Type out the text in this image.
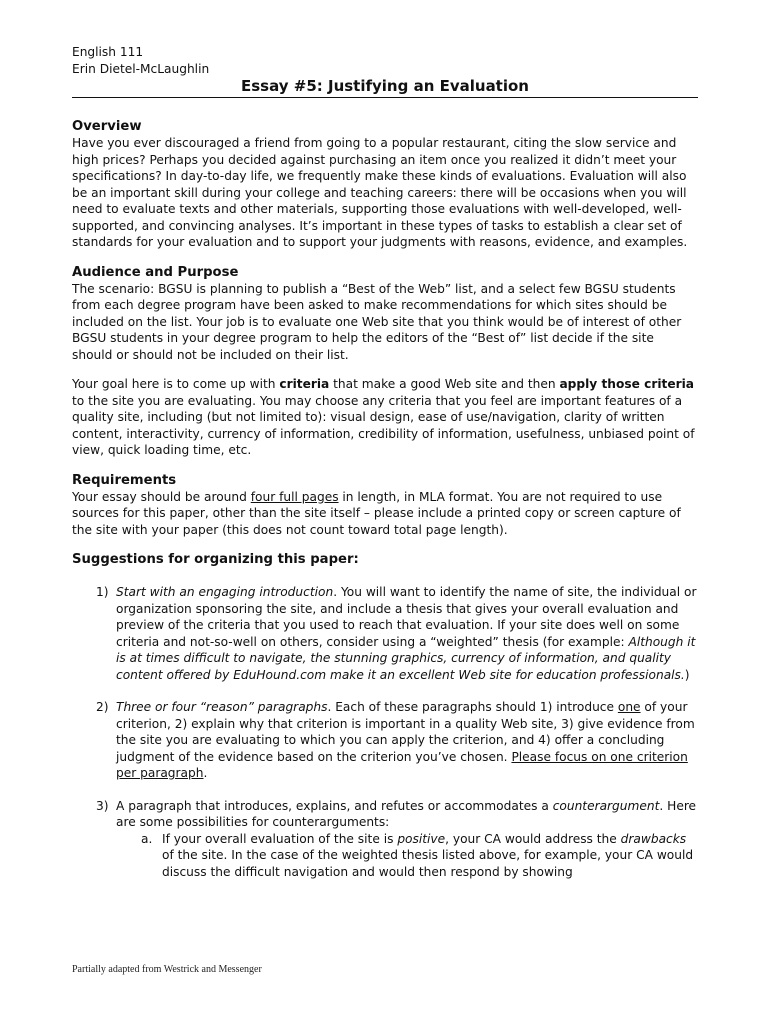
English 111
Erin Dietel-McLaughlin
Essay #5: Justifying an Evaluation
Overview

Have you ever discouraged a friend from going to a popular restaurant, citing the slow service and high prices? Perhaps you decided against purchasing an item once you realized it didn’t meet your specifications? In day-to-day life, we frequently make these kinds of evaluations. Evaluation will also be an important skill during your college and teaching careers: there will be occasions when you will need to evaluate texts and other materials, supporting those evaluations with well-developed, well-supported, and convincing analyses. It’s important in these types of tasks to establish a clear set of standards for your evaluation and to support your judgments with reasons, evidence, and examples.

Audience and Purpose

The scenario: BGSU is planning to publish a “Best of the Web” list, and a select few BGSU students from each degree program have been asked to make recommendations for which sites should be included on the list. Your job is to evaluate one Web site that you think would be of interest of other BGSU students in your degree program to help the editors of the “Best of” list decide if the site should or should not be included on their list.

Your goal here is to come up with criteria that make a good Web site and then apply those criteria to the site you are evaluating. You may choose any criteria that you feel are important features of a quality site, including (but not limited to): visual design, ease of use/navigation, clarity of written content, interactivity, currency of information, credibility of information, usefulness, unbiased point of view, quick loading time, etc.

Requirements

Your essay should be around four full pages in length, in MLA format. You are not required to use sources for this paper, other than the site itself – please include a printed copy or screen capture of the site with your paper (this does not count toward total page length).

Suggestions for organizing this paper:
1) Start with an engaging introduction. You will want to identify the name of site, the individual or organization sponsoring the site, and include a thesis that gives your overall evaluation and preview of the criteria that you used to reach that evaluation. If your site does well on some criteria and not-so-well on others, consider using a “weighted” thesis (for example: Although it is at times difficult to navigate, the stunning graphics, currency of information, and quality content offered by EduHound.com make it an excellent Web site for education professionals.)
2) Three or four “reason” paragraphs. Each of these paragraphs should 1) introduce one of your criterion, 2) explain why that criterion is important in a quality Web site, 3) give evidence from the site you are evaluating to which you can apply the criterion, and 4) offer a concluding judgment of the evidence based on the criterion you’ve chosen. Please focus on one criterion per paragraph.
3) A paragraph that introduces, explains, and refutes or accommodates a counterargument. Here are some possibilities for counterarguments:
a. If your overall evaluation of the site is positive, your CA would address the drawbacks of the site. In the case of the weighted thesis listed above, for example, your CA would discuss the difficult navigation and would then respond by showing
Partially adapted from Westrick and Messenger
